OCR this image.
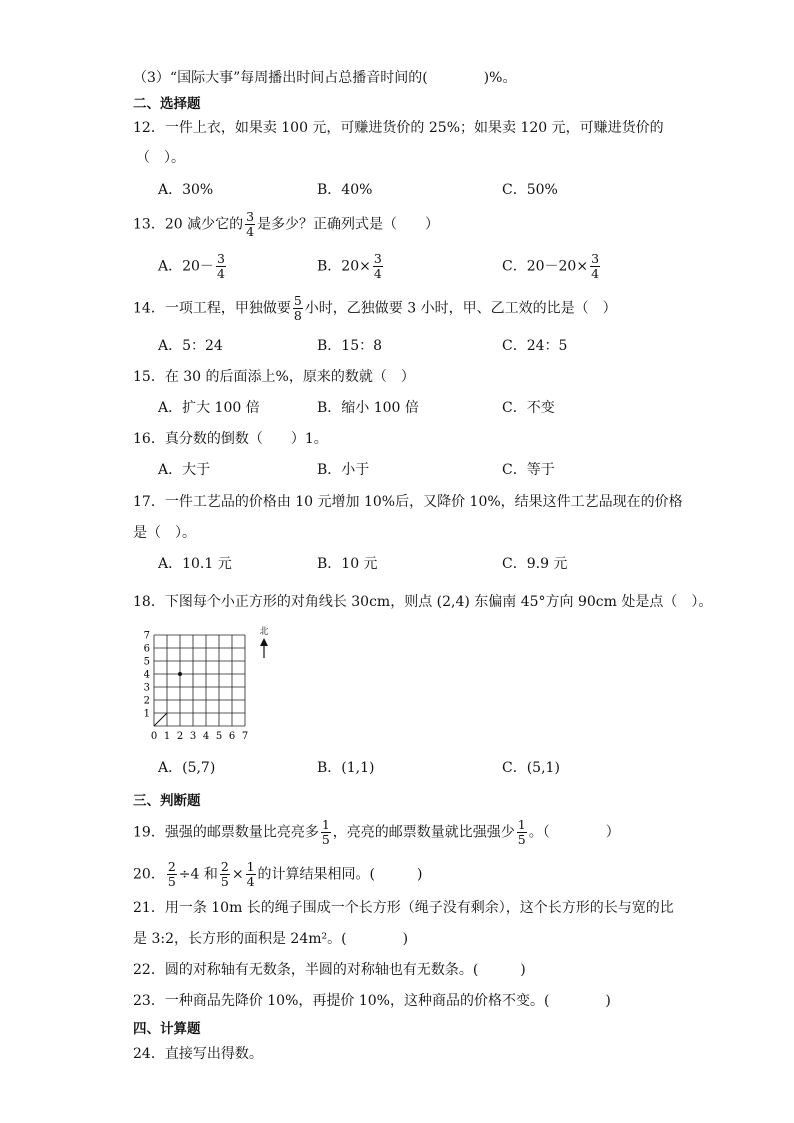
（3）“国际大事”每周播出时间占总播音时间的(　　　　)%。
二、选择题
12．一件上衣，如果卖 100 元，可赚进货价的 25%；如果卖 120 元，可赚进货价的
（　）。
A．30%	B．40%	C．50%
13．20 减少它的 $\frac{3}{4}$ 是多少？正确列式是（　　）
A．$20- \frac{3}{4}$	B．$20\times \frac{3}{4}$	C．$20-20\times \frac{3}{4}$
14．一项工程，甲独做要 $\frac{5}{8}$ 小时，乙独做要 3 小时，甲、乙工效的比是（　）
A．5：24	B．15：8	C．24：5
15．在 30 的后面添上%，原来的数就（　）
A．扩大 100 倍	B．缩小 100 倍	C．不变
16．真分数的倒数（　　）1。
A．大于	B．小于	C．等于
17．一件工艺品的价格由 10 元增加 10%后，又降价 10%，结果这件工艺品现在的价格
是（　）。
A．10.1 元	B．10 元	C．9.9 元
18．下图每个小正方形的对角线长 30cm，则点 (2,4) 东偏南 45°方向 90cm 处是点（　）。
1
2
3
4
5
6
7
0 1 2 3 4 5 6 7
北
A．(5,7)	B．(1,1)	C．(5,1)
三、判断题
19．强强的邮票数量比亮亮多 $\frac{1}{5}$ ，亮亮的邮票数量就比强强少 $\frac{1}{5}$ 。（　　　　）
20． $\frac{2}{5} \div 4$ 和 $\frac{2}{5} \times \frac{1}{4}$ 的计算结果相同。(　　　)
21．用一条 10m 长的绳子围成一个长方形（绳子没有剩余），这个长方形的长与宽的比
是 3:2，长方形的面积是 24m²。(　　　　)
22．圆的对称轴有无数条，半圆的对称轴也有无数条。(　　　)
23．一种商品先降价 10%，再提价 10%，这种商品的价格不变。(　　　　)
四、计算题
24．直接写出得数。
